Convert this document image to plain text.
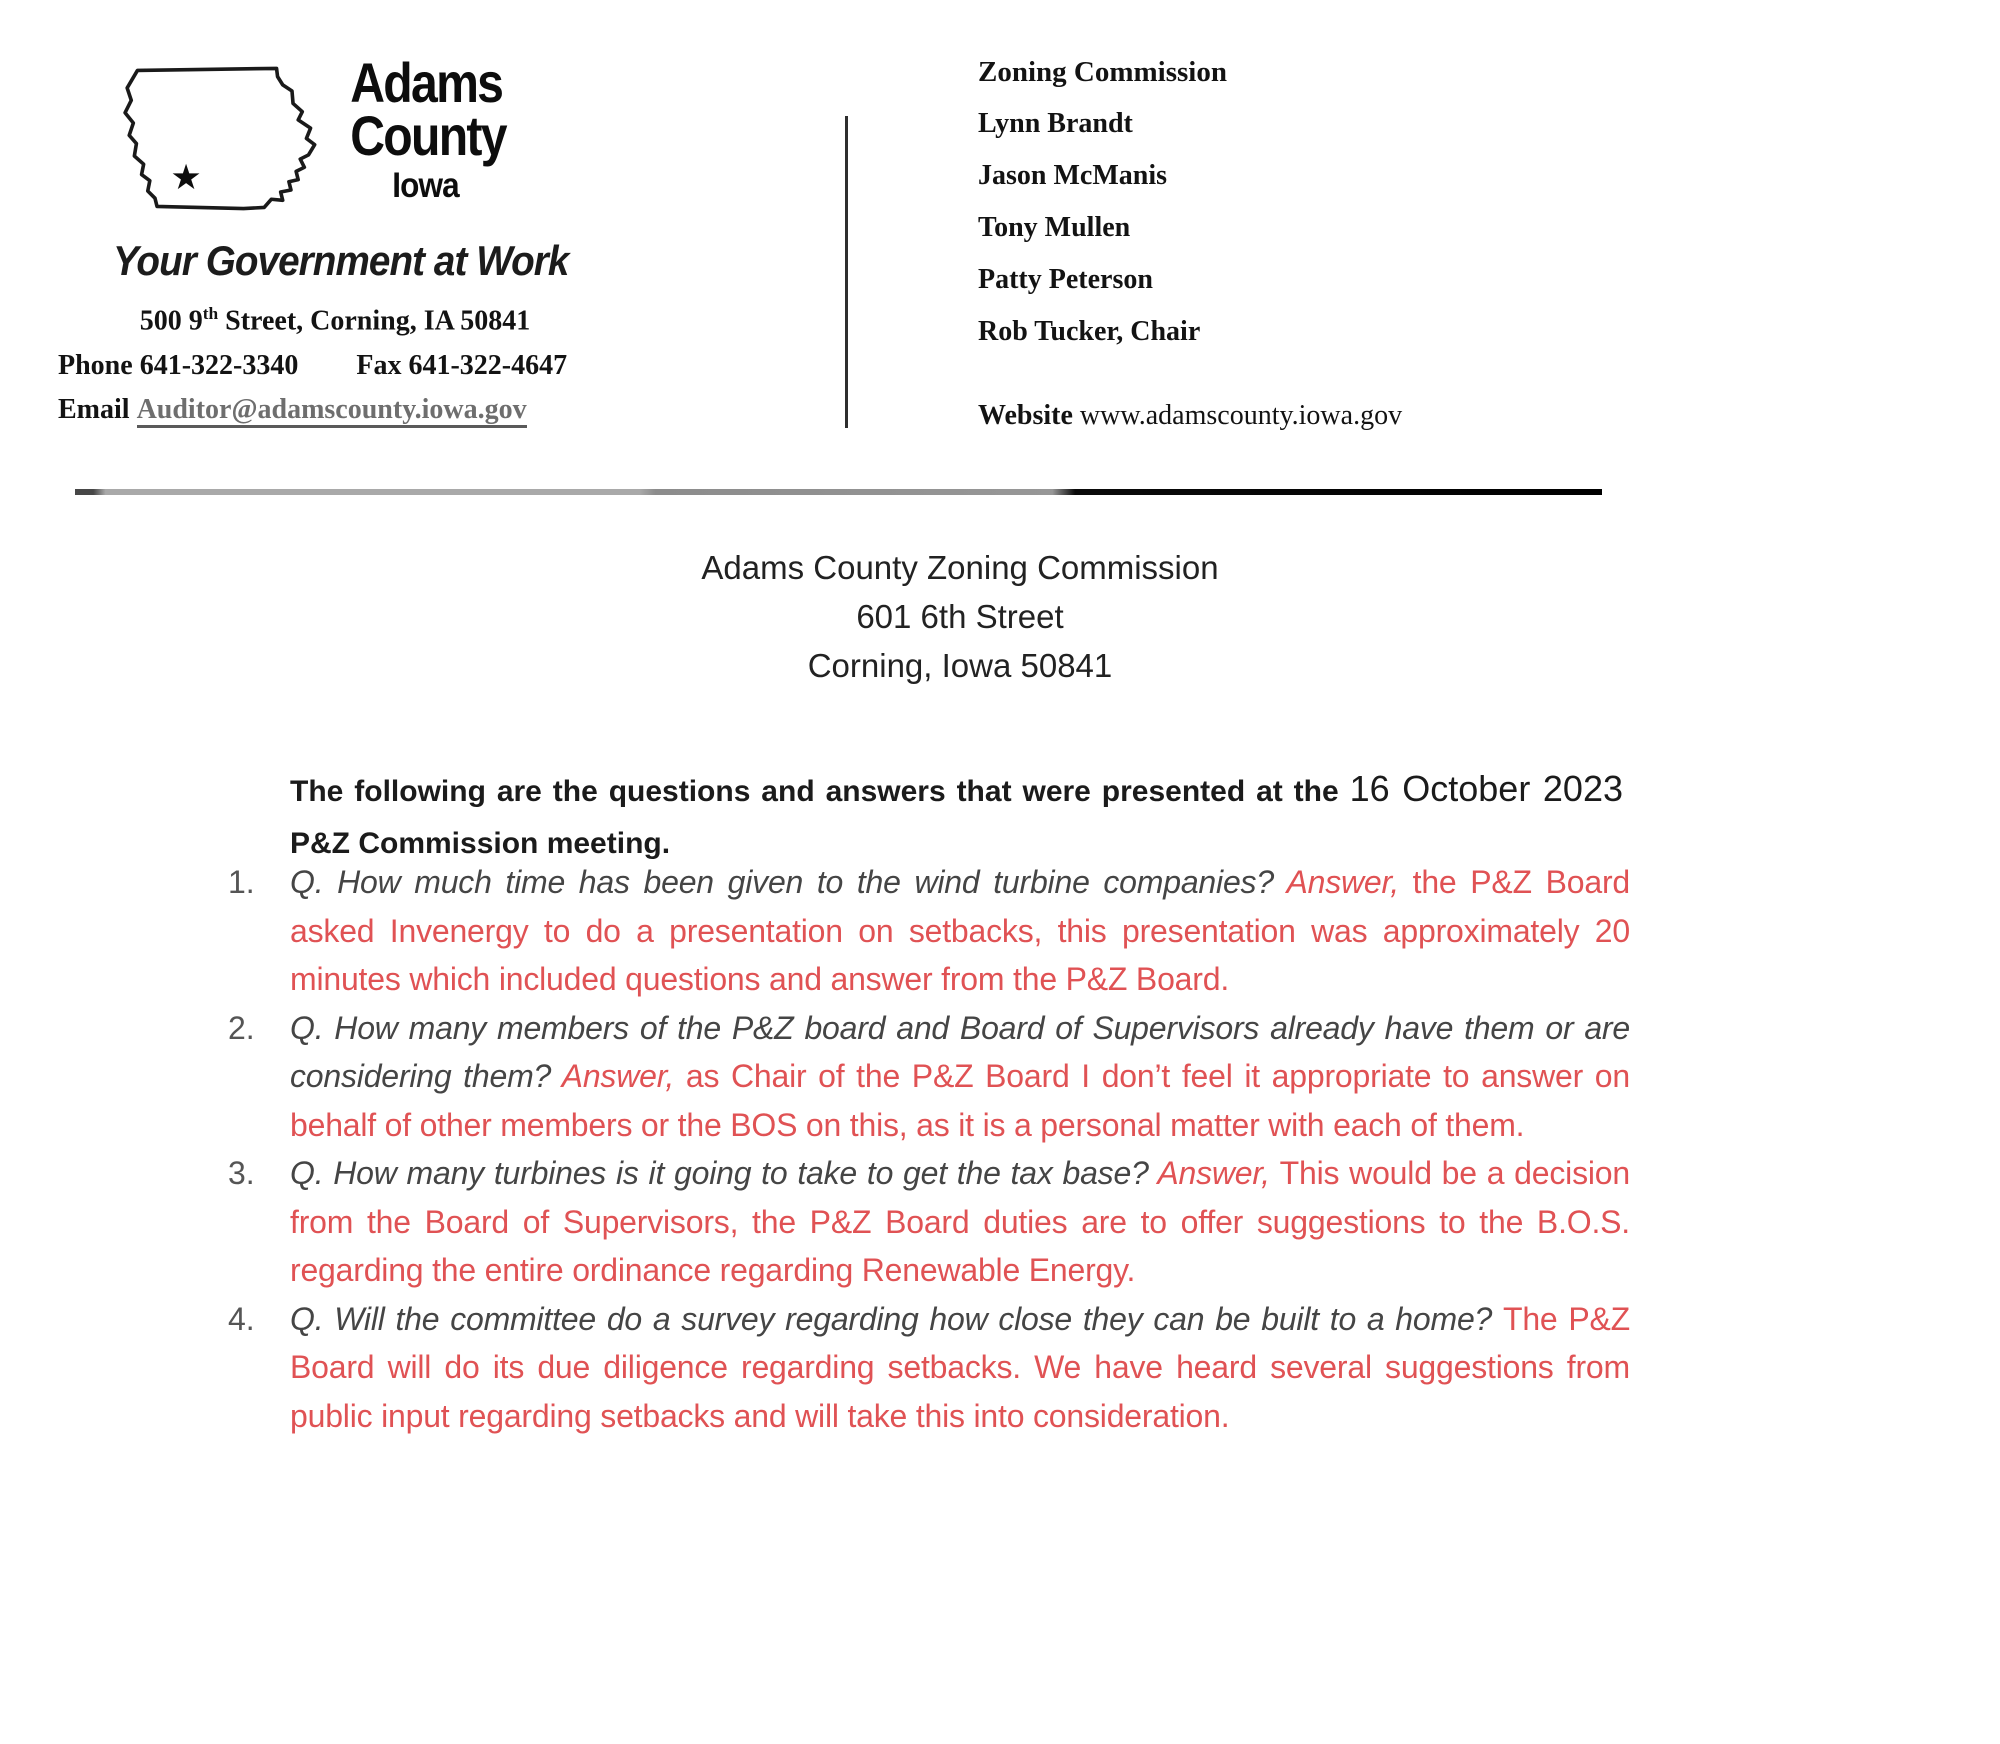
★
Adams
County
Iowa
Your Government at Work
500 9th Street, Corning, IA 50841
Phone 641-322-3340 Fax 641-322-4647
Email Auditor@adamscounty.iowa.gov
Zoning Commission
Lynn Brandt
Jason McManis
Tony Mullen
Patty Peterson
Rob Tucker, Chair
Website www.adamscounty.iowa.gov
Adams County Zoning Commission
601 6th Street
Corning, Iowa 50841

The following are the questions and answers that were presented at the 16 October 2023 P&Z Commission meeting.

1.	Q. How much time has been given to the wind turbine companies? Answer, the P&Z Board asked Invenergy to do a presentation on setbacks, this presentation was approximately 20 minutes which included questions and answer from the P&Z Board.
2.	Q. How many members of the P&Z board and Board of Supervisors already have them or are considering them? Answer, as Chair of the P&Z Board I don’t feel it appropriate to answer on behalf of other members or the BOS on this, as it is a personal matter with each of them.
3.	Q. How many turbines is it going to take to get the tax base? Answer, This would be a decision from the Board of Supervisors, the P&Z Board duties are to offer suggestions to the B.O.S. regarding the entire ordinance regarding Renewable Energy.
4.	Q. Will the committee do a survey regarding how close they can be built to a home? The P&Z Board will do its due diligence regarding setbacks. We have heard several suggestions from public input regarding setbacks and will take this into consideration.
